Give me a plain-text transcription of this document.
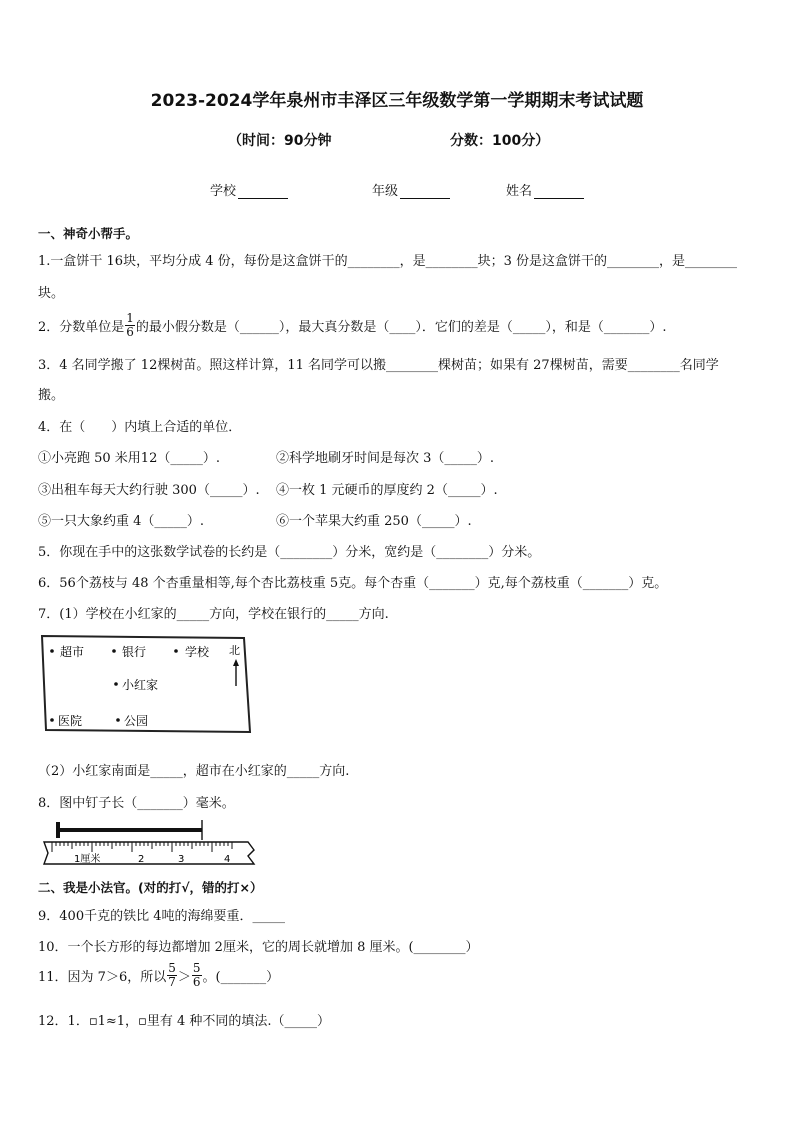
2023-2024学年泉州市丰泽区三年级数学第一学期期末考试试题
（时间：90分钟	分数：100分）
学校	年级	姓名
一、神奇小帮手。
1.一盒饼干 16块，平均分成 4 份，每份是这盒饼干的________，是________块；3 份是这盒饼干的________，是________
块。
2．分数单位是 $\frac{1}{6}$ 的最小假分数是（______），最大真分数是（____）．它们的差是（_____），和是（_______）.
3．4 名同学搬了 12棵树苗。照这样计算，11 名同学可以搬________棵树苗；如果有 27棵树苗，需要________名同学
搬。
4．在（　　）内填上合适的单位．
①小亮跑 50 米用12（_____）.	②科学地刷牙时间是每次 3（_____）.
③出租车每天大约行驶 300（_____）. ④一枚 1 元硬币的厚度约 2（_____）.
⑤一只大象约重 4（_____）.	⑥一个苹果大约重 250（_____）.
5．你现在手中的这张数学试卷的长约是（________）分米，宽约是（________）分米。
6．56个荔枝与 48 个杏重量相等,每个杏比荔枝重 5克。每个杏重（_______）克,每个荔枝重（_______）克。
7．(1）学校在小红家的_____方向，学校在银行的_____方向.
超市	银行	学校 北
小红家
医院	公园
（2）小红家南面是_____，超市在小红家的_____方向.
8．图中钉子长（_______）毫米。
1厘米	2	3	4
二、我是小法官。(对的打√，错的打×）
9．400千克的铁比 4吨的海绵要重．_____
10．一个长方形的每边都增加 2厘米，它的周长就增加 8 厘米。(________）
11．因为 7＞6，所以 $\frac{5}{7} > \frac{5}{6}$ 。(_______）
12．1．▫1≈1，▫里有 4 种不同的填法.（_____）
